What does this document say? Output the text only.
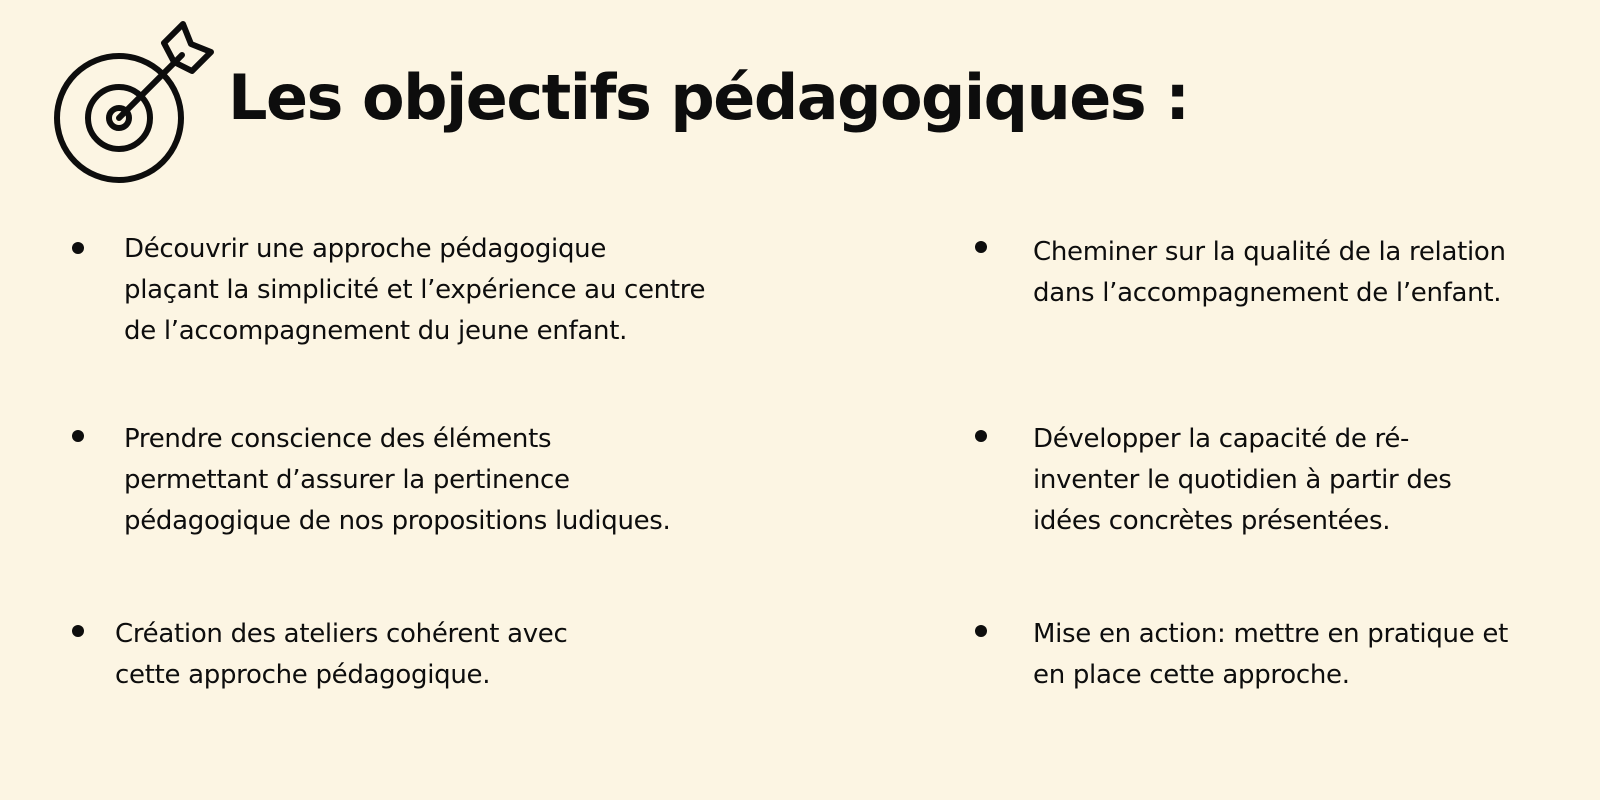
Les objectifs pédagogiques :
Découvrir une approche pédagogique
plaçant la simplicité et l’expérience au centre
de l’accompagnement du jeune enfant.
Prendre conscience des éléments
permettant d’assurer la pertinence
pédagogique de nos propositions ludiques.
Création des ateliers cohérent avec
cette approche pédagogique.
Cheminer sur la qualité de la relation
dans l’accompagnement de l’enfant.
Développer la capacité de ré-
inventer le quotidien à partir des
idées concrètes présentées.
Mise en action: mettre en pratique et
en place cette approche.
